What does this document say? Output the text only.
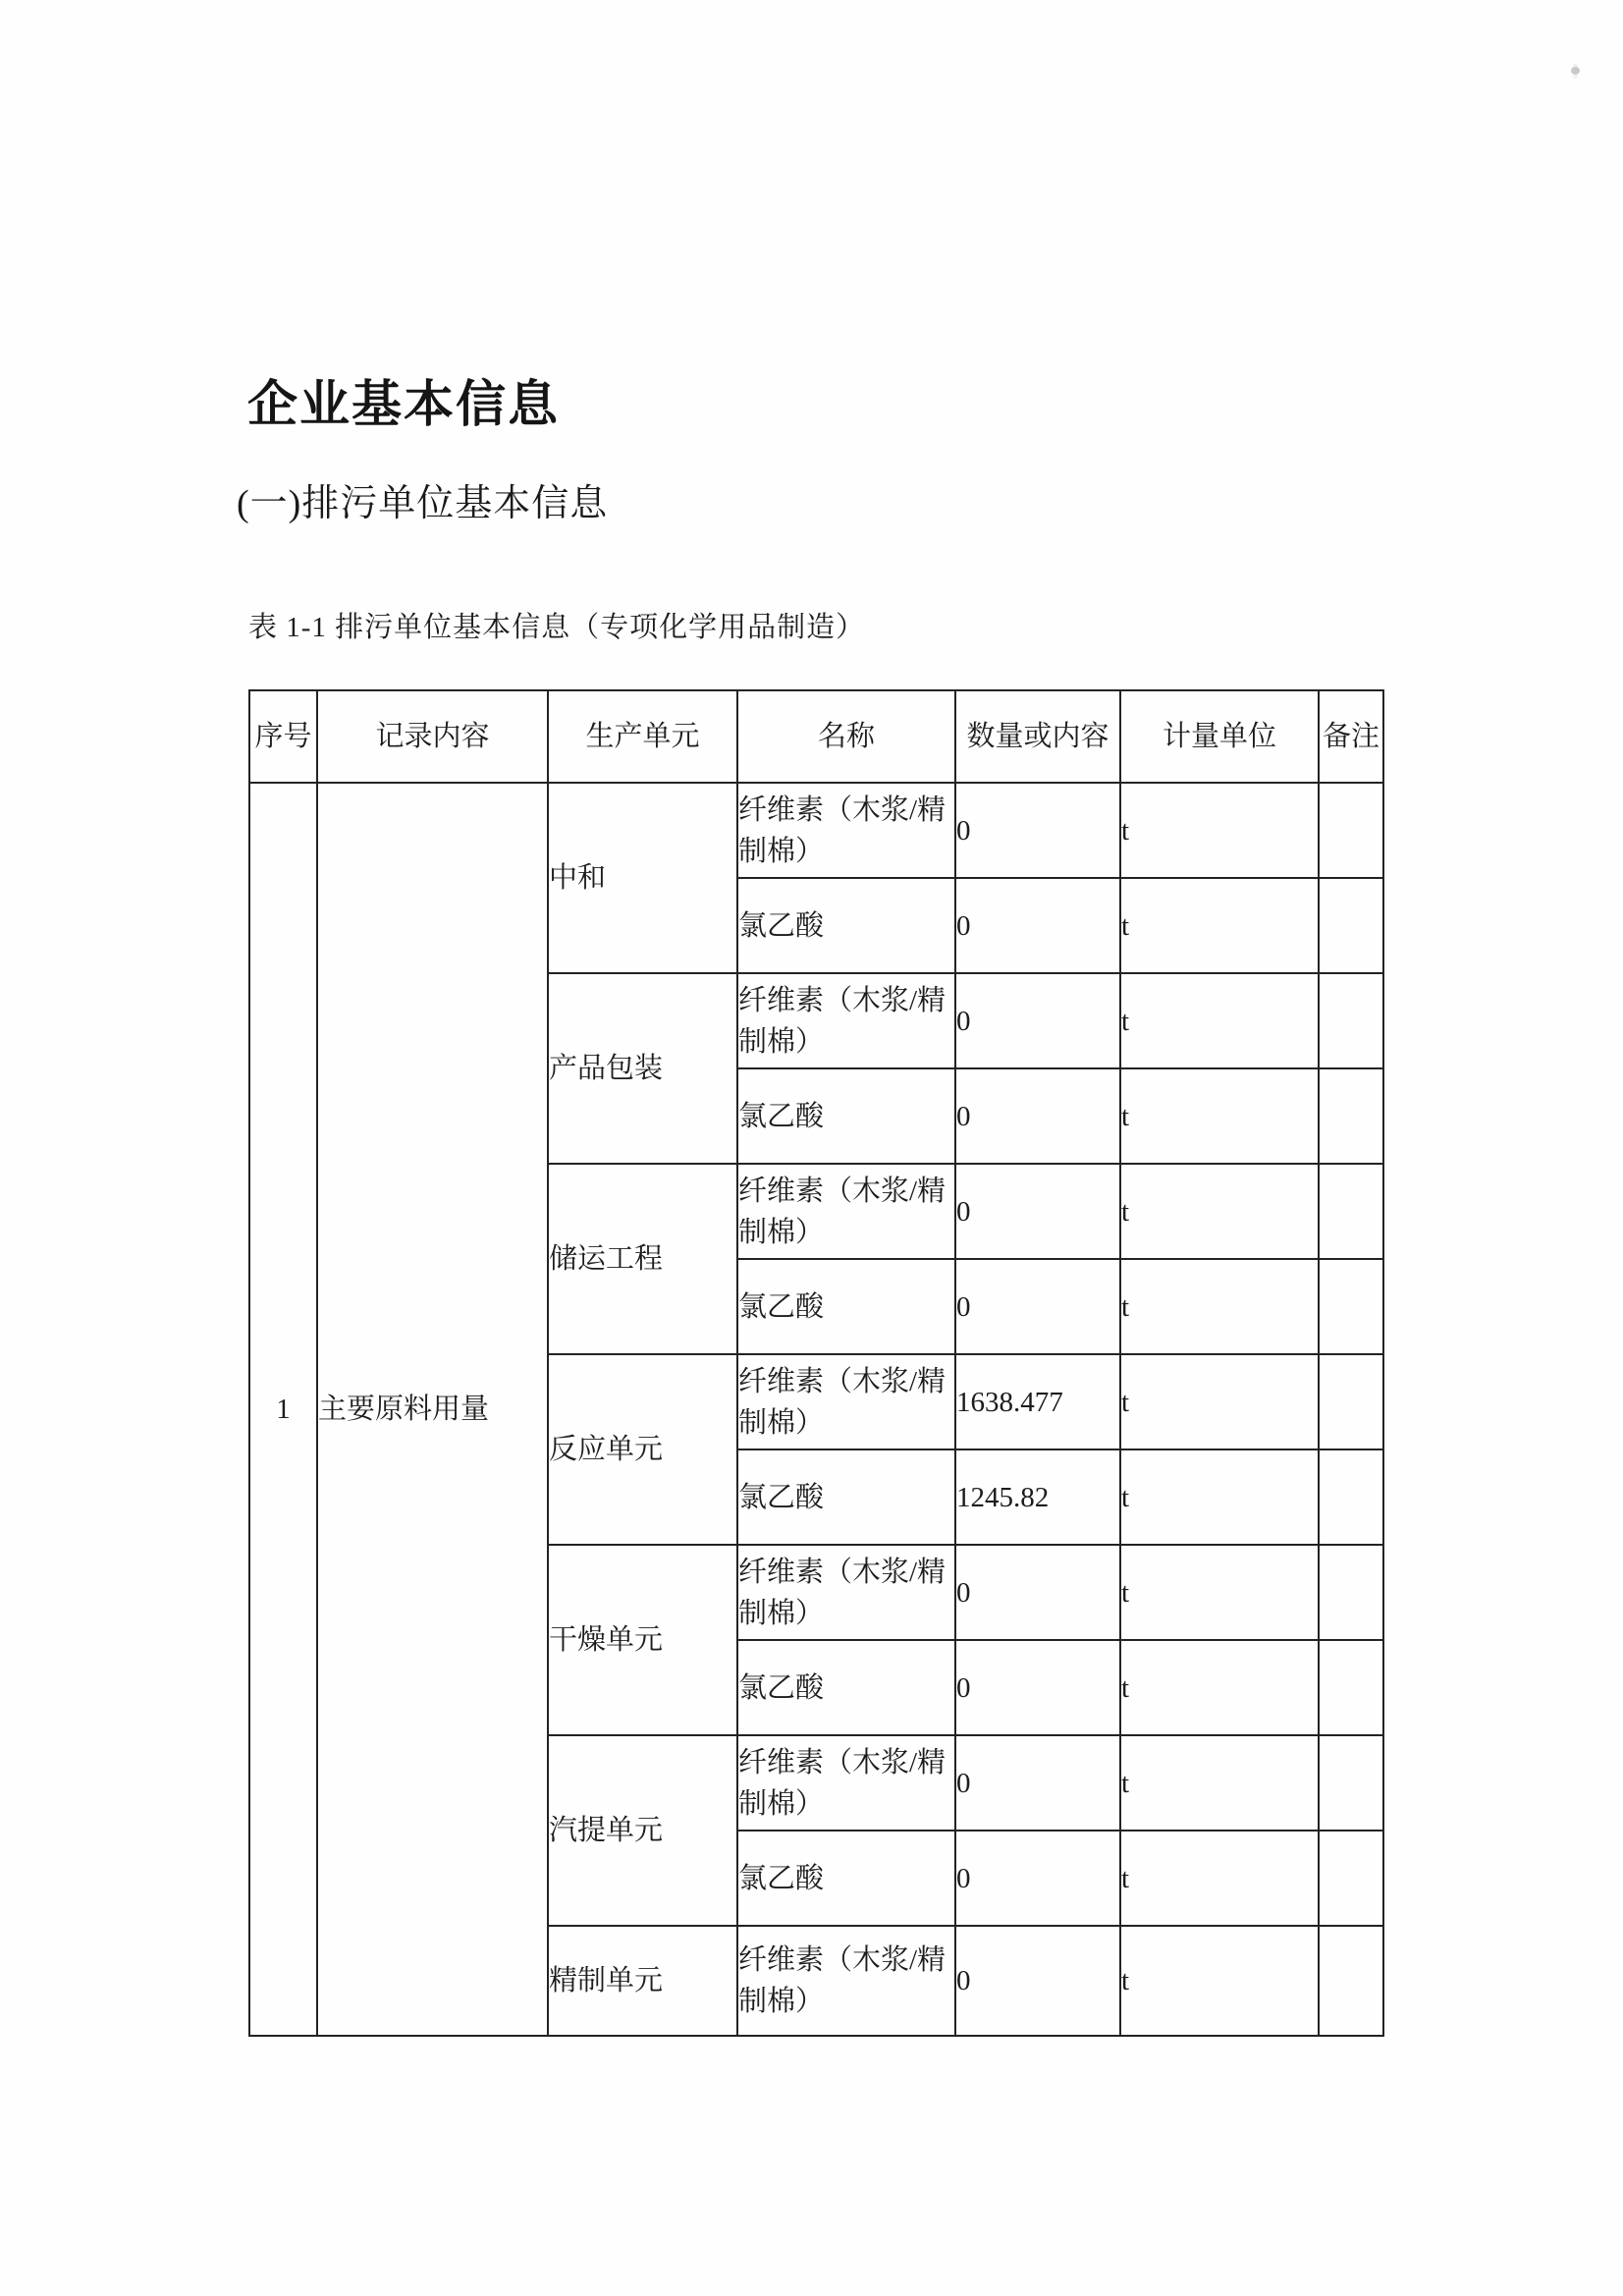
企业基本信息
(一)排污单位基本信息
表 1-1 排污单位基本信息（专项化学用品制造）
序号	记录内容	生产单元	名称	数量或内容	计量单位	备注
1	主要原料用量	中和	纤维素（木浆/精制棉）	0	t	
			氯乙酸	0	t	
		产品包装	纤维素（木浆/精制棉）	0	t	
			氯乙酸	0	t	
		储运工程	纤维素（木浆/精制棉）	0	t	
			氯乙酸	0	t	
		反应单元	纤维素（木浆/精制棉）	1638.477	t	
			氯乙酸	1245.82	t	
		干燥单元	纤维素（木浆/精制棉）	0	t	
			氯乙酸	0	t	
		汽提单元	纤维素（木浆/精制棉）	0	t	
			氯乙酸	0	t	
		精制单元	纤维素（木浆/精制棉）	0	t	
